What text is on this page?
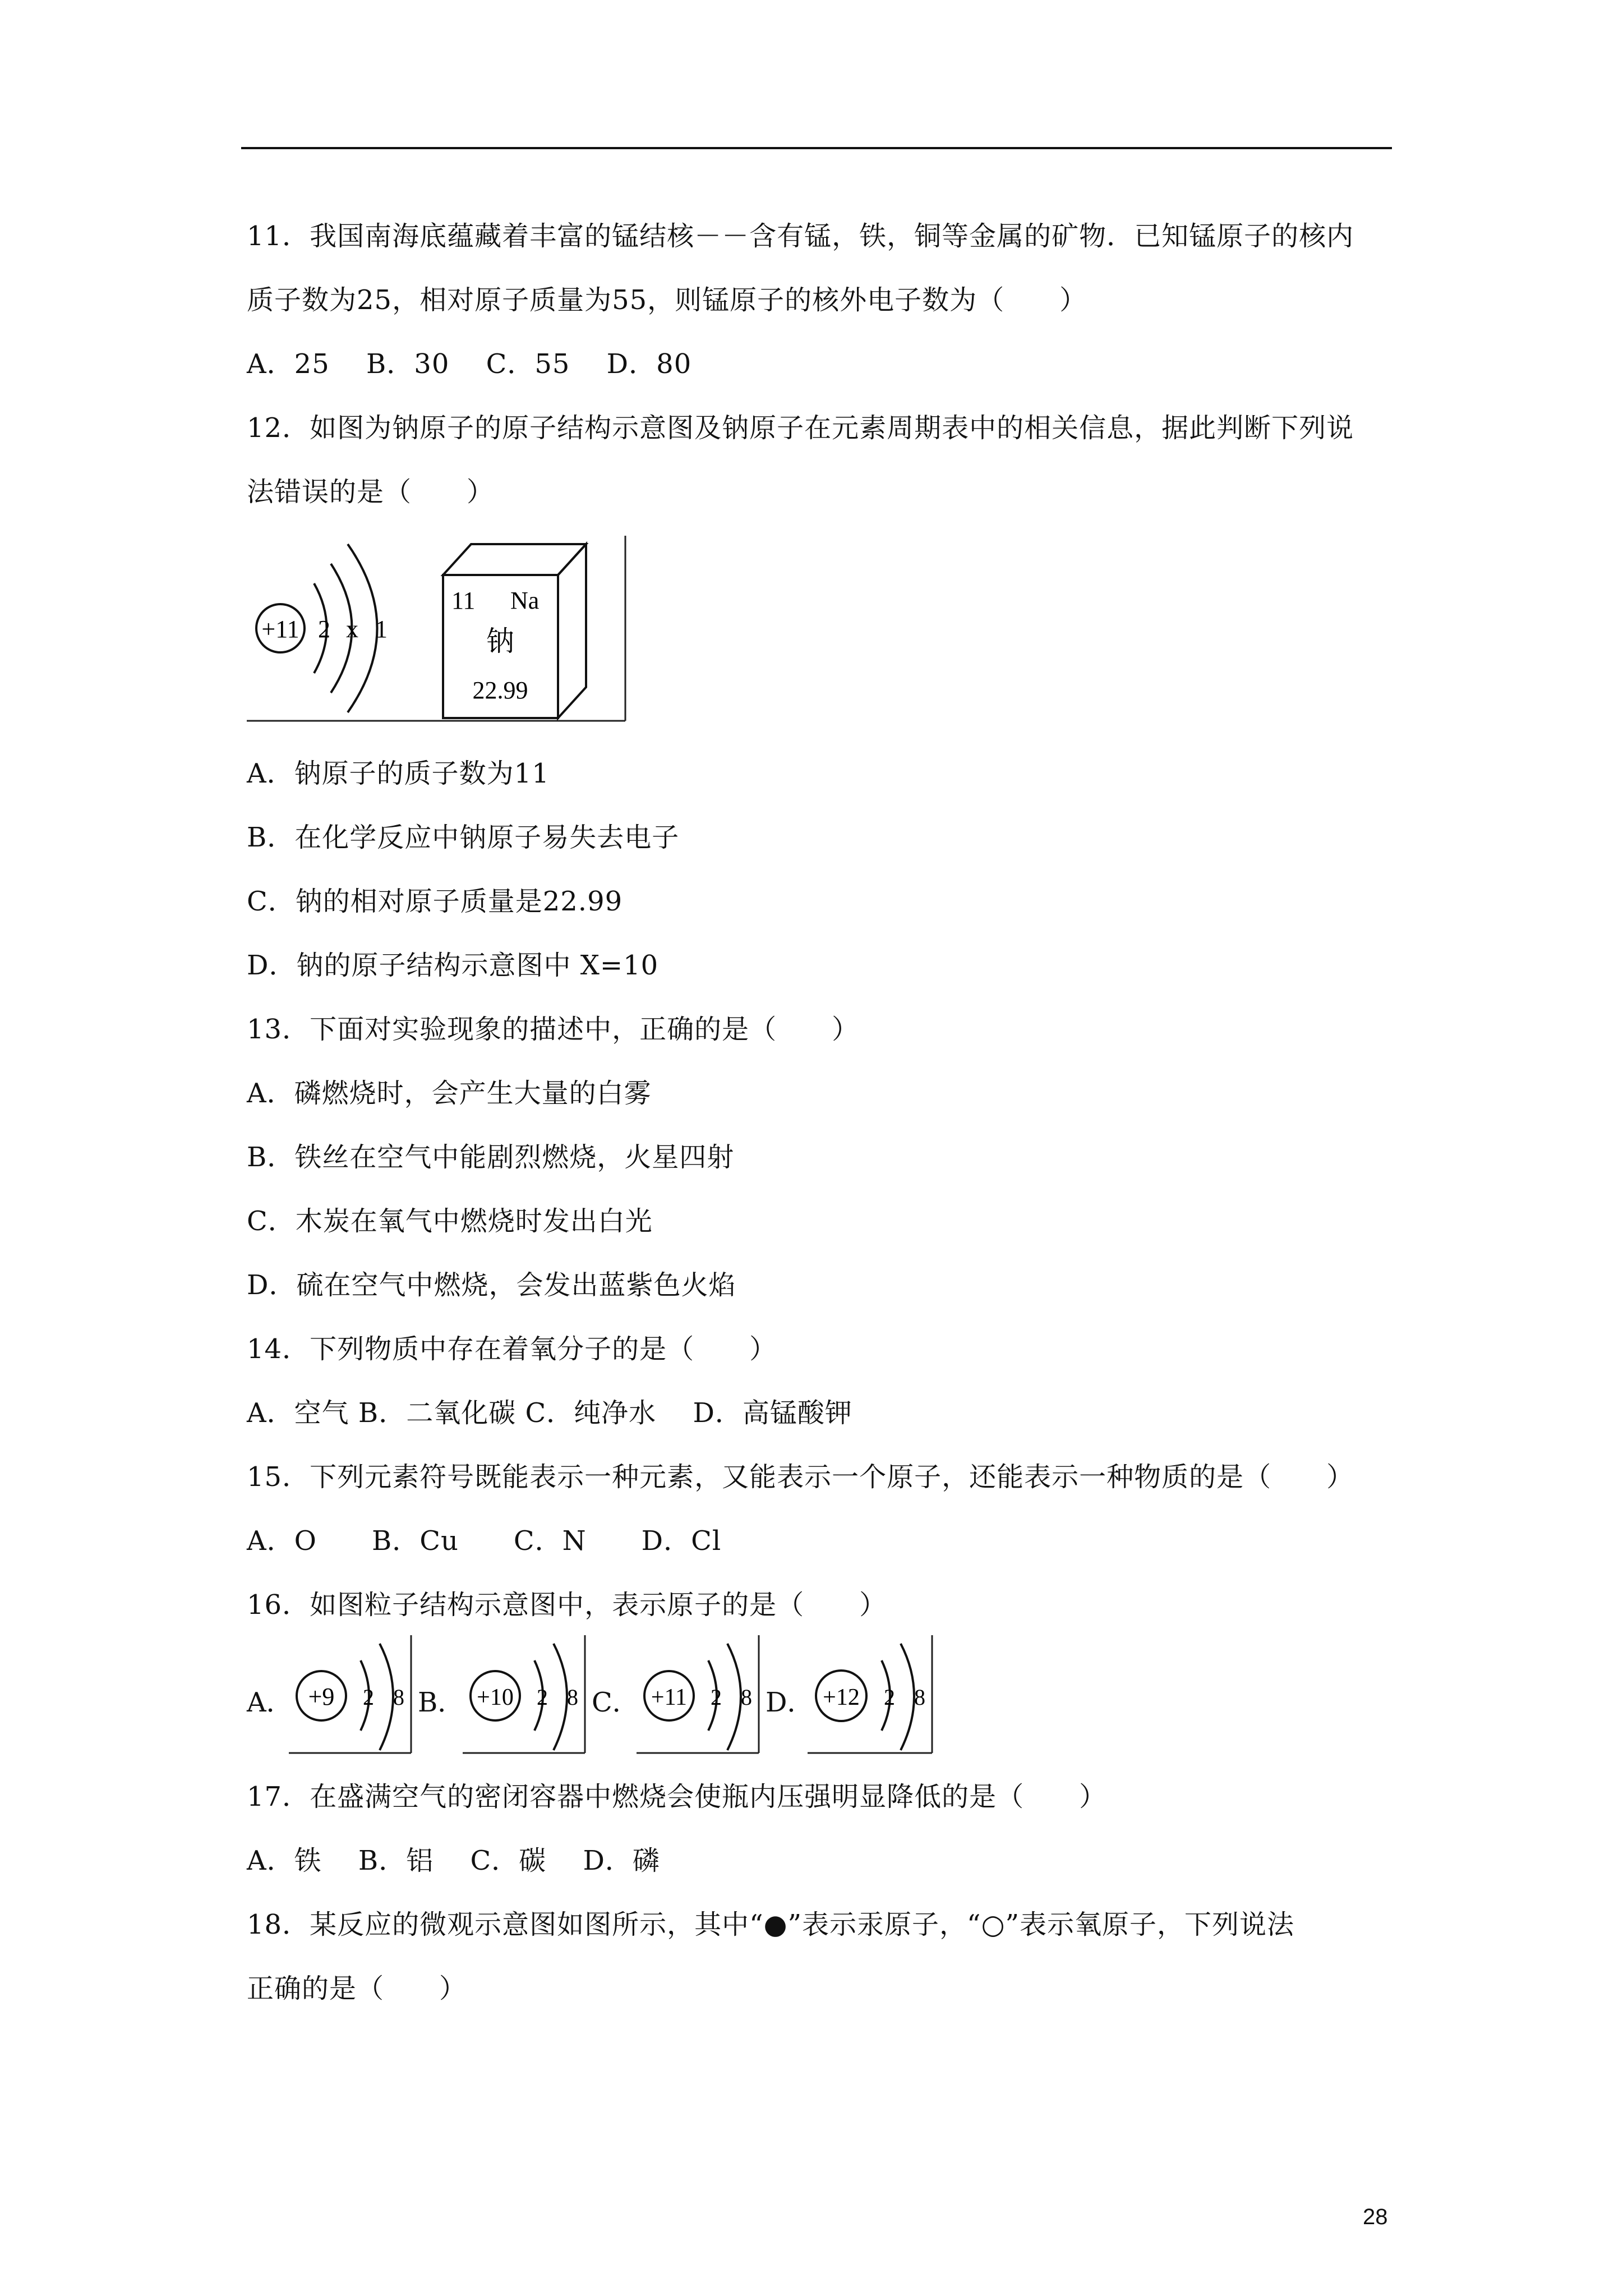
11．我国南海底蕴藏着丰富的锰结核－－含有锰，铁，铜等金属的矿物．已知锰原子的核内
质子数为25，相对原子质量为55，则锰原子的核外电子数为（　　）
A．25　 B．30　 C．55　 D．80
12．如图为钠原子的原子结构示意图及钠原子在元素周期表中的相关信息，据此判断下列说
法错误的是（　　）
+11 2 x 1
11 Na
钠
22.99
A．钠原子的质子数为11
B．在化学反应中钠原子易失去电子
C．钠的相对原子质量是22.99
D．钠的原子结构示意图中 X=10
13．下面对实验现象的描述中，正确的是（　　）
A．磷燃烧时，会产生大量的白雾
B．铁丝在空气中能剧烈燃烧，火星四射
C．木炭在氧气中燃烧时发出白光
D．硫在空气中燃烧，会发出蓝紫色火焰
14．下列物质中存在着氧分子的是（　　）
A．空气 B．二氧化碳 C．纯净水　 D．高锰酸钾
15．下列元素符号既能表示一种元素，又能表示一个原子，还能表示一种物质的是（　　）
A．O　　B．Cu　　C．N　　D．Cl
16．如图粒子结构示意图中，表示原子的是（　　）
A． +9 2 8 B． +10 2 8 C． +11 2 8 D． +12 2 8
17．在盛满空气的密闭容器中燃烧会使瓶内压强明显降低的是（　　）
A．铁　 B．铝　 C．碳　 D．磷
18．某反应的微观示意图如图所示，其中“●”表示汞原子，“○”表示氧原子，下列说法
正确的是（　　）
28
